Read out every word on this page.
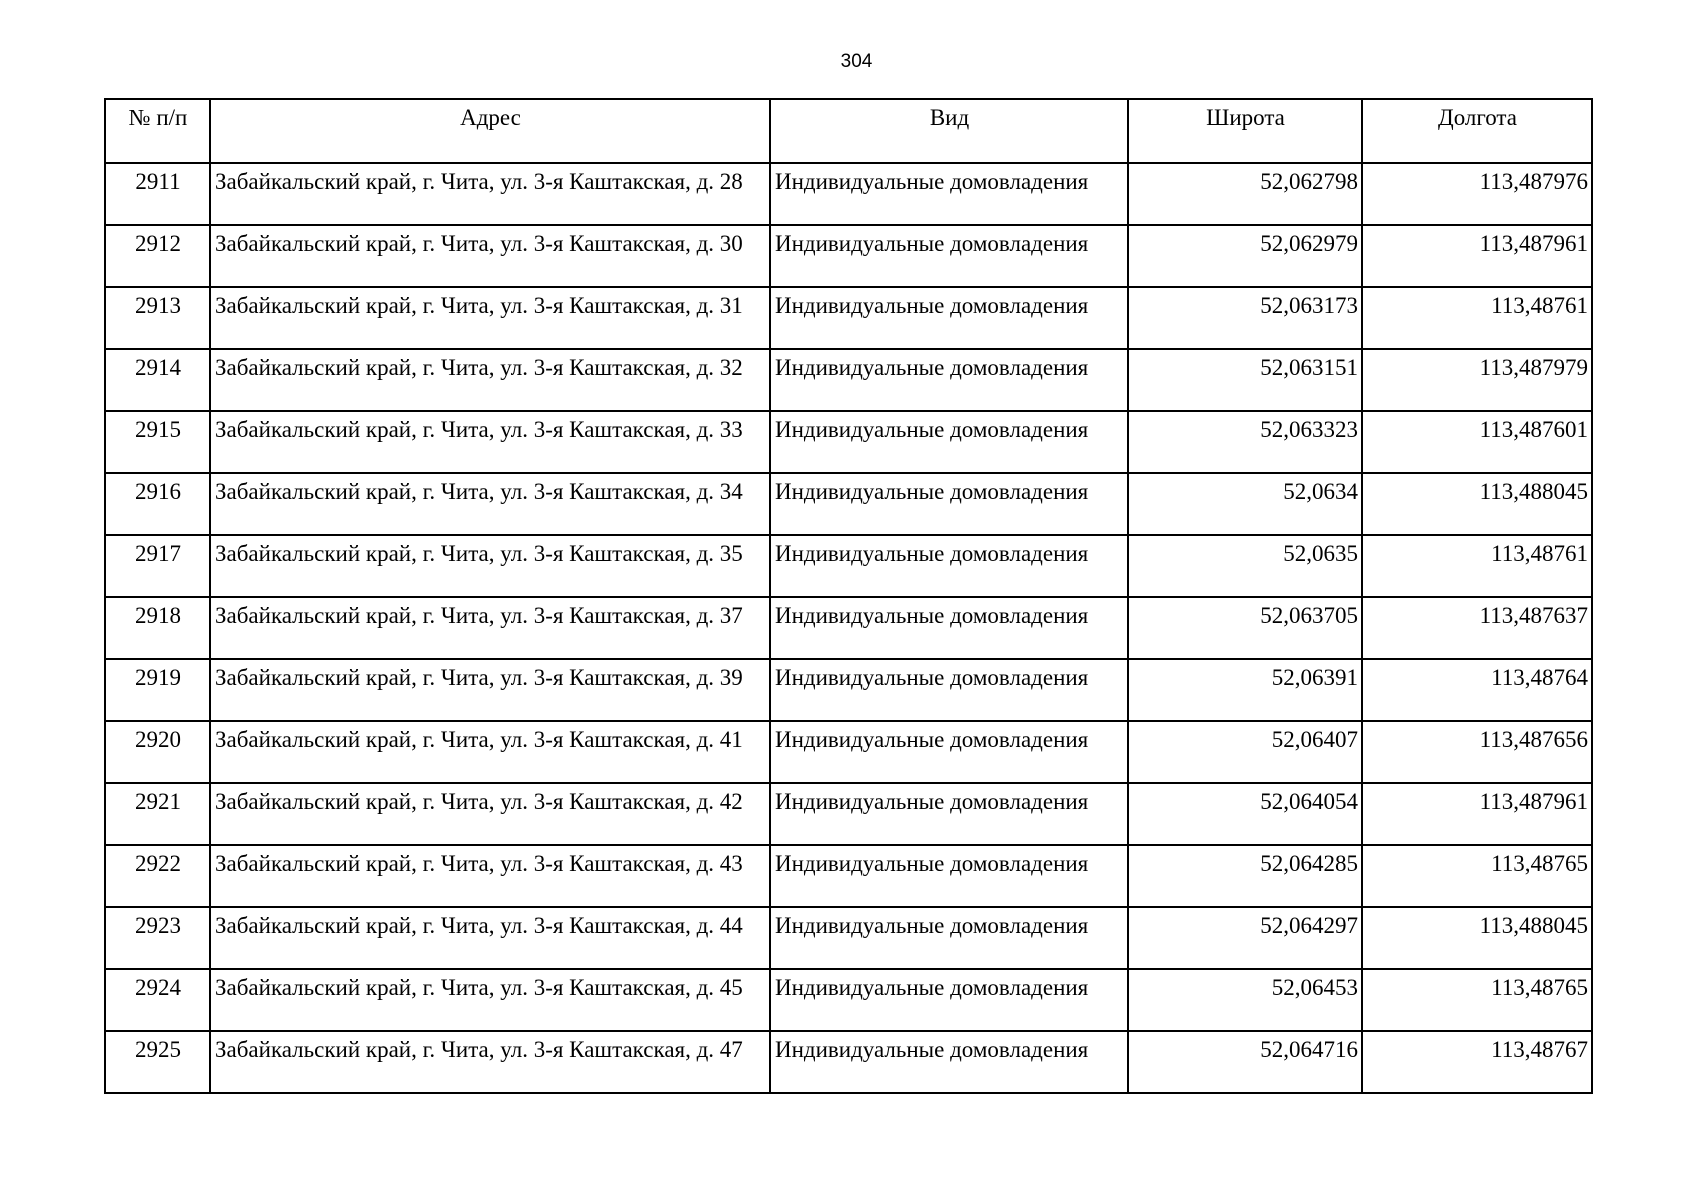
304
№ п/п	Адрес	Вид	Широта	Долгота
2911	Забайкальский край, г. Чита, ул. 3-я Каштакская, д. 28	Индивидуальные домовладения	52,062798	113,487976
2912	Забайкальский край, г. Чита, ул. 3-я Каштакская, д. 30	Индивидуальные домовладения	52,062979	113,487961
2913	Забайкальский край, г. Чита, ул. 3-я Каштакская, д. 31	Индивидуальные домовладения	52,063173	113,48761
2914	Забайкальский край, г. Чита, ул. 3-я Каштакская, д. 32	Индивидуальные домовладения	52,063151	113,487979
2915	Забайкальский край, г. Чита, ул. 3-я Каштакская, д. 33	Индивидуальные домовладения	52,063323	113,487601
2916	Забайкальский край, г. Чита, ул. 3-я Каштакская, д. 34	Индивидуальные домовладения	52,0634	113,488045
2917	Забайкальский край, г. Чита, ул. 3-я Каштакская, д. 35	Индивидуальные домовладения	52,0635	113,48761
2918	Забайкальский край, г. Чита, ул. 3-я Каштакская, д. 37	Индивидуальные домовладения	52,063705	113,487637
2919	Забайкальский край, г. Чита, ул. 3-я Каштакская, д. 39	Индивидуальные домовладения	52,06391	113,48764
2920	Забайкальский край, г. Чита, ул. 3-я Каштакская, д. 41	Индивидуальные домовладения	52,06407	113,487656
2921	Забайкальский край, г. Чита, ул. 3-я Каштакская, д. 42	Индивидуальные домовладения	52,064054	113,487961
2922	Забайкальский край, г. Чита, ул. 3-я Каштакская, д. 43	Индивидуальные домовладения	52,064285	113,48765
2923	Забайкальский край, г. Чита, ул. 3-я Каштакская, д. 44	Индивидуальные домовладения	52,064297	113,488045
2924	Забайкальский край, г. Чита, ул. 3-я Каштакская, д. 45	Индивидуальные домовладения	52,06453	113,48765
2925	Забайкальский край, г. Чита, ул. 3-я Каштакская, д. 47	Индивидуальные домовладения	52,064716	113,48767
